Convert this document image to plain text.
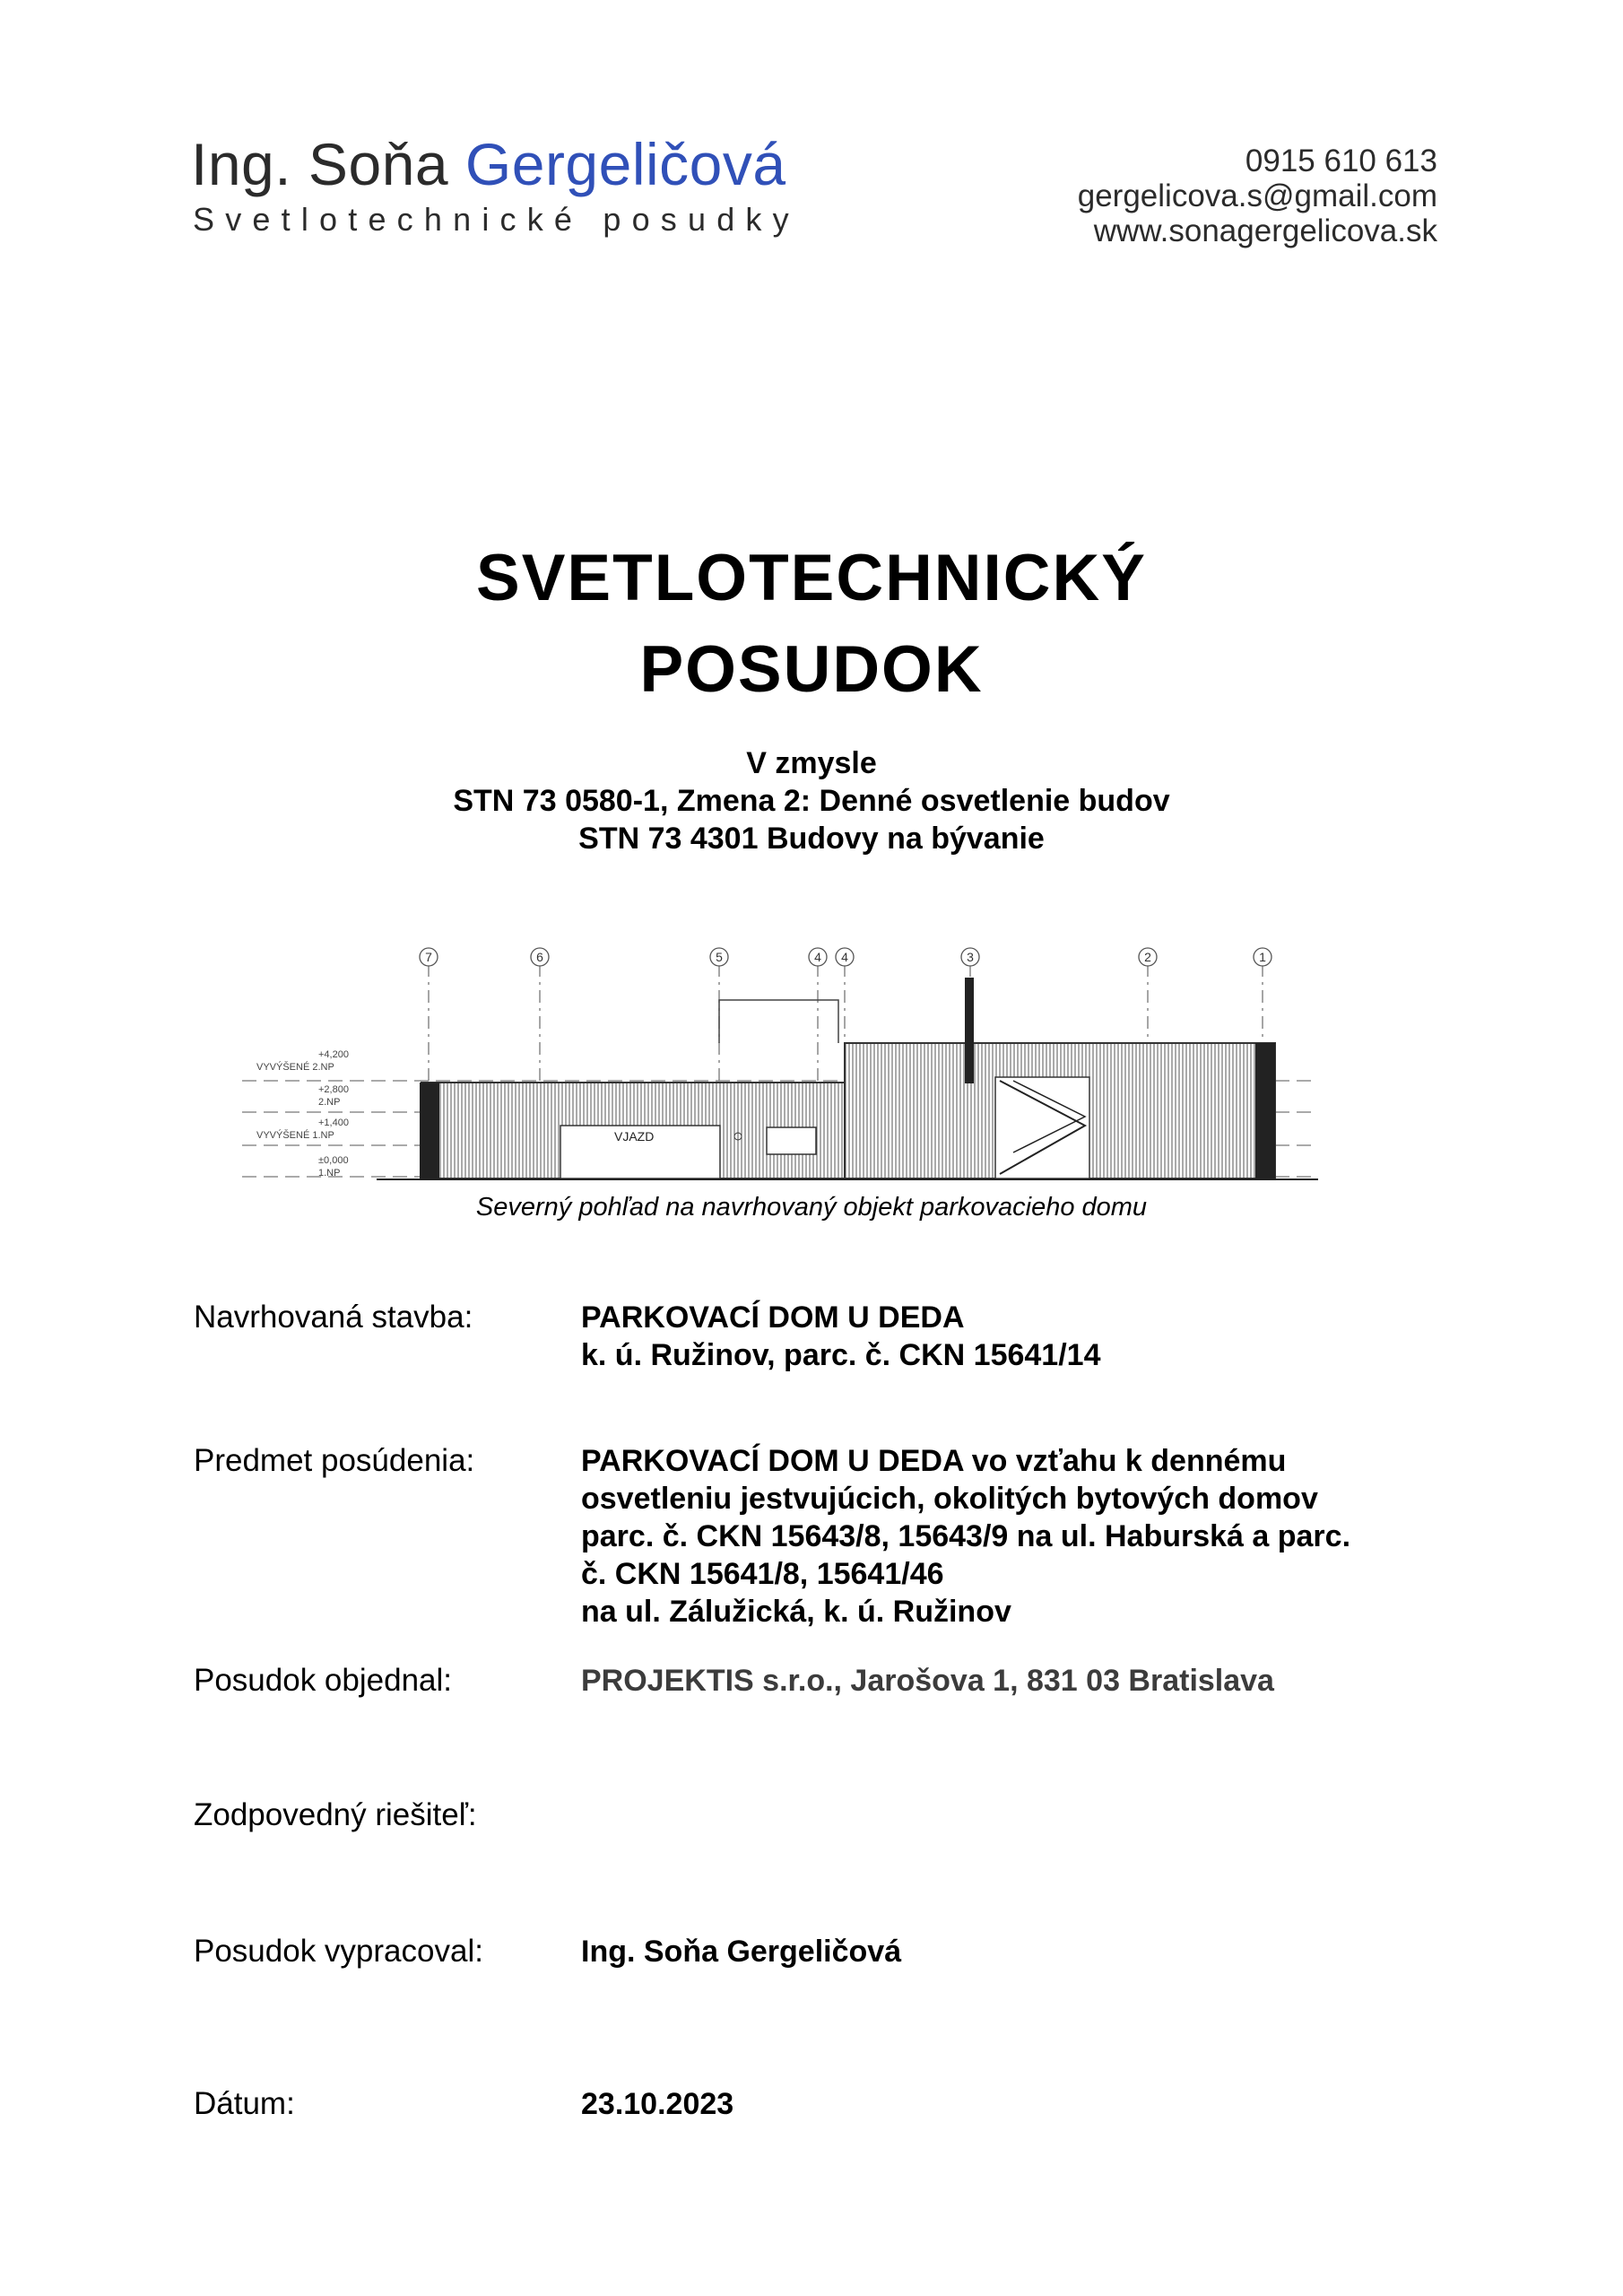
Ing. Soňa Gergeličová
Svetlotechnické posudky
0915 610 613
gergelicova.s@gmail.com
www.sonagergelicova.sk
SVETLOTECHNICKÝ
POSUDOK
V zmysle
STN 73 0580-1, Zmena 2: Denné osvetlenie budov
STN 73 4301 Budovy na bývanie
7	6	5	4 4	3	2	1
+4,200
VYVÝŠENÉ 2.NP
+2,800
2.NP
+1,400
VYVÝŠENÉ 1.NP
±0,000
1.NP
VJAZD
Severný pohľad na navrhovaný objekt parkovacieho domu
Navrhovaná stavba:	PARKOVACÍ DOM U DEDA
k. ú. Ružinov, parc. č. CKN 15641/14
Predmet posúdenia:	PARKOVACÍ DOM U DEDA vo vzťahu k dennému
osvetleniu jestvujúcich, okolitých bytových domov
parc. č. CKN 15643/8, 15643/9 na ul. Haburská a parc.
č. CKN 15641/8, 15641/46
na ul. Zálužická, k. ú. Ružinov
Posudok objednal:	PROJEKTIS s.r.o., Jarošova 1, 831 03 Bratislava
Zodpovedný riešiteľ:
Posudok vypracoval:	Ing. Soňa Gergeličová
Dátum:	23.10.2023
